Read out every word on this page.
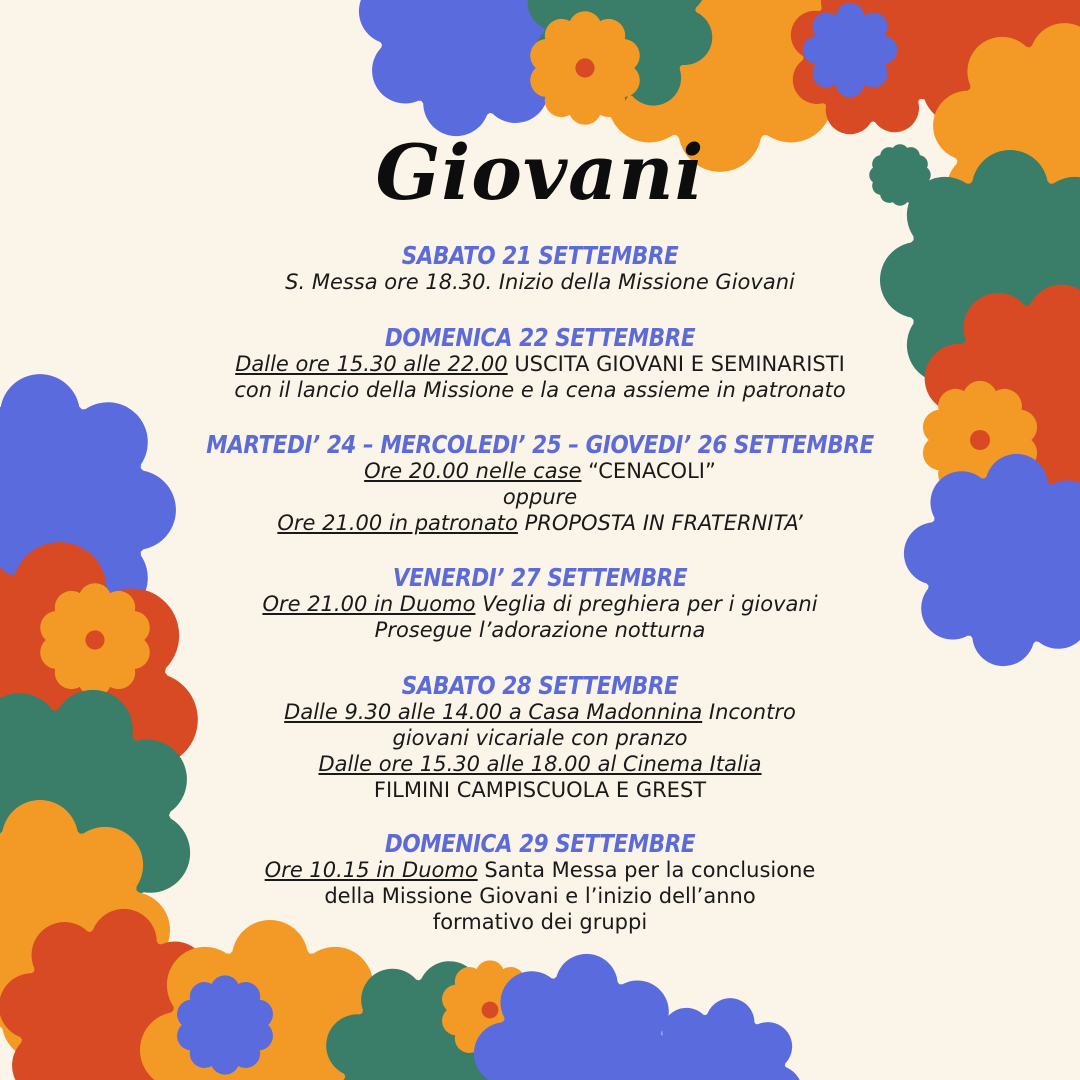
Giovani
SABATO 21 SETTEMBRE
S. Messa ore 18.30. Inizio della Missione Giovani
DOMENICA 22 SETTEMBRE
Dalle ore 15.30 alle 22.00 USCITA GIOVANI E SEMINARISTI
con il lancio della Missione e la cena assieme in patronato
MARTEDI’ 24 – MERCOLEDI’ 25 – GIOVEDI’ 26 SETTEMBRE
Ore 20.00 nelle case “CENACOLI”
oppure
Ore 21.00 in patronato PROPOSTA IN FRATERNITA’
VENERDI’ 27 SETTEMBRE
Ore 21.00 in Duomo Veglia di preghiera per i giovani
Prosegue l’adorazione notturna
SABATO 28 SETTEMBRE
Dalle 9.30 alle 14.00 a Casa Madonnina Incontro
giovani vicariale con pranzo
Dalle ore 15.30 alle 18.00 al Cinema Italia
FILMINI CAMPISCUOLA E GREST
DOMENICA 29 SETTEMBRE
Ore 10.15 in Duomo Santa Messa per la conclusione
della Missione Giovani e l’inizio dell’anno
formativo dei gruppi
